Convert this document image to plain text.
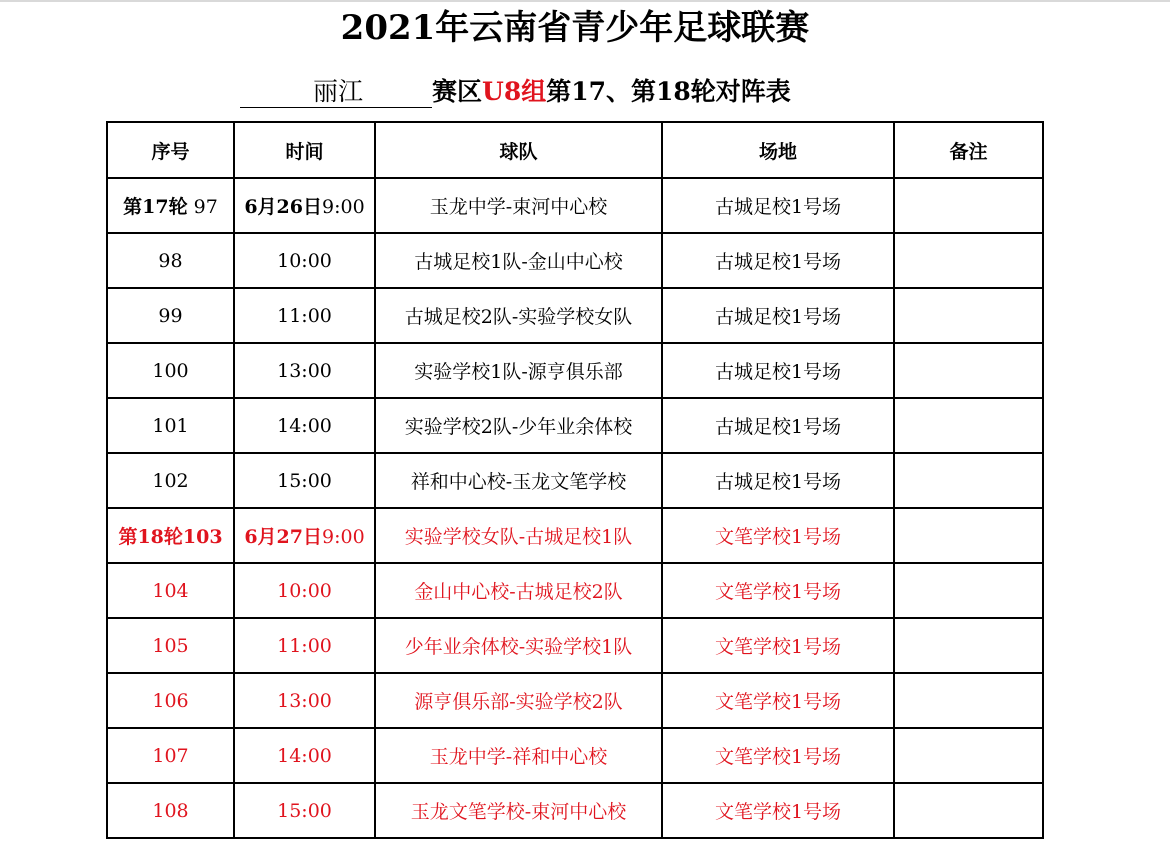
2021年云南省青少年足球联赛
丽江	赛区U8组第17、第18轮对阵表
序号	时间	球队	场地	备注
第17轮 97	6月26日9:00	玉龙中学-束河中心校	古城足校1号场	
98	10:00	古城足校1队-金山中心校	古城足校1号场	
99	11:00	古城足校2队-实验学校女队	古城足校1号场	
100	13:00	实验学校1队-源亨俱乐部	古城足校1号场	
101	14:00	实验学校2队-少年业余体校	古城足校1号场	
102	15:00	祥和中心校-玉龙文笔学校	古城足校1号场	
第18轮103	6月27日9:00	实验学校女队-古城足校1队	文笔学校1号场	
104	10:00	金山中心校-古城足校2队	文笔学校1号场	
105	11:00	少年业余体校-实验学校1队	文笔学校1号场	
106	13:00	源亨俱乐部-实验学校2队	文笔学校1号场	
107	14:00	玉龙中学-祥和中心校	文笔学校1号场	
108	15:00	玉龙文笔学校-束河中心校	文笔学校1号场	
